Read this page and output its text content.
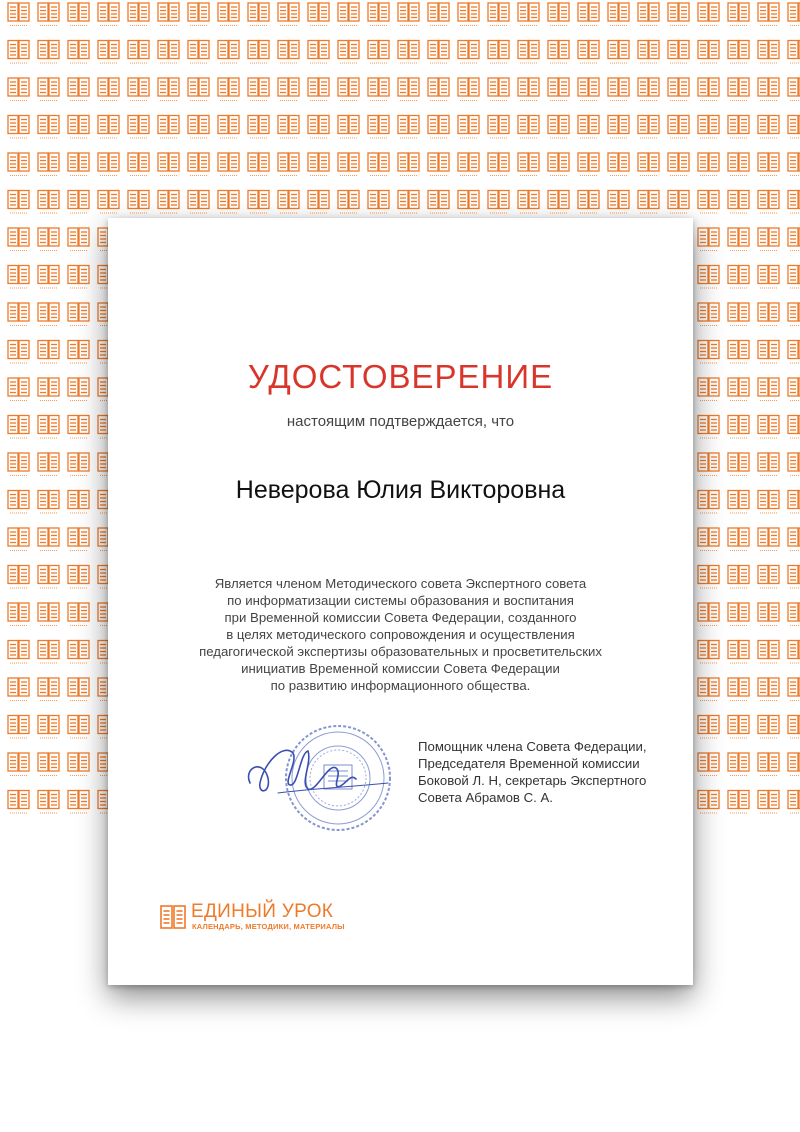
УДОСТОВЕРЕНИЕ
настоящим подтверждается, что
Неверова Юлия Викторовна
Является членом Методического совета Экспертного совета
по информатизации системы образования и воспитания
при Временной комиссии Совета Федерации, созданного
в целях методического сопровождения и осуществления
педагогической экспертизы образовательных и просветительских
инициатив Временной комиссии Совета Федерации
по развитию информационного общества.
Помощник члена Совета Федерации,
Председателя Временной комиссии
Боковой Л. Н, секретарь Экспертного
Совета Абрамов С. А.
ЕДИНЫЙ УРОК
КАЛЕНДАРЬ, МЕТОДИКИ, МАТЕРИАЛЫ
